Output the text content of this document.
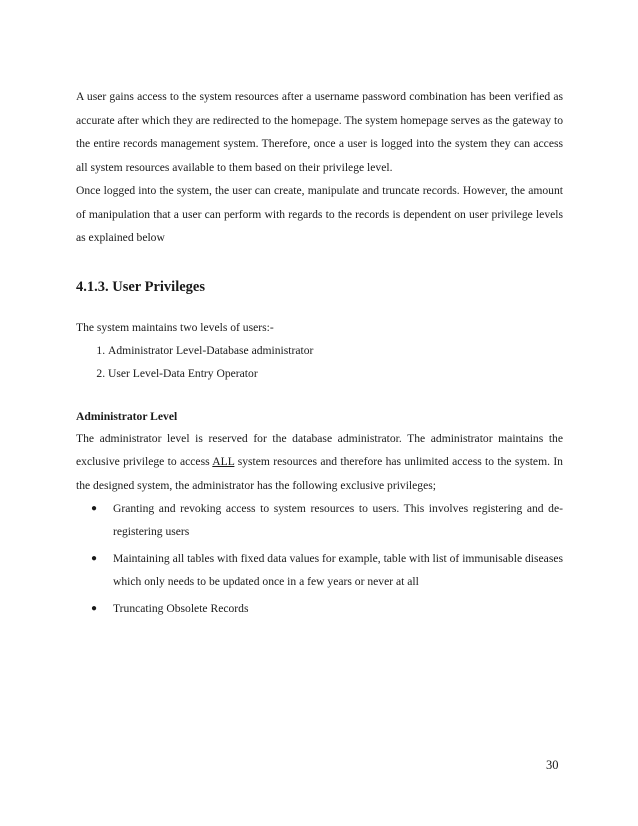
A user gains access to the system resources after a username password combination has been verified as accurate after which they are redirected to the homepage. The system homepage serves as the gateway to the entire records management system. Therefore, once a user is logged into the system they can access all system resources available to them based on their privilege level.

Once logged into the system, the user can create, manipulate and truncate records. However, the amount of manipulation that a user can perform with regards to the records is dependent on user privilege levels as explained below

4.1.3. User Privileges
The system maintains two levels of users:-
1. Administrator Level-Database administrator
2. User Level-Data Entry Operator
Administrator Level

The administrator level is reserved for the database administrator. The administrator maintains the exclusive privilege to access ALL system resources and therefore has unlimited access to the system. In the designed system, the administrator has the following exclusive privileges;

● Granting and revoking access to system resources to users. This involves registering and de-registering users
● Maintaining all tables with fixed data values for example, table with list of immunisable diseases which only needs to be updated once in a few years or never at all
● Truncating Obsolete Records
30
